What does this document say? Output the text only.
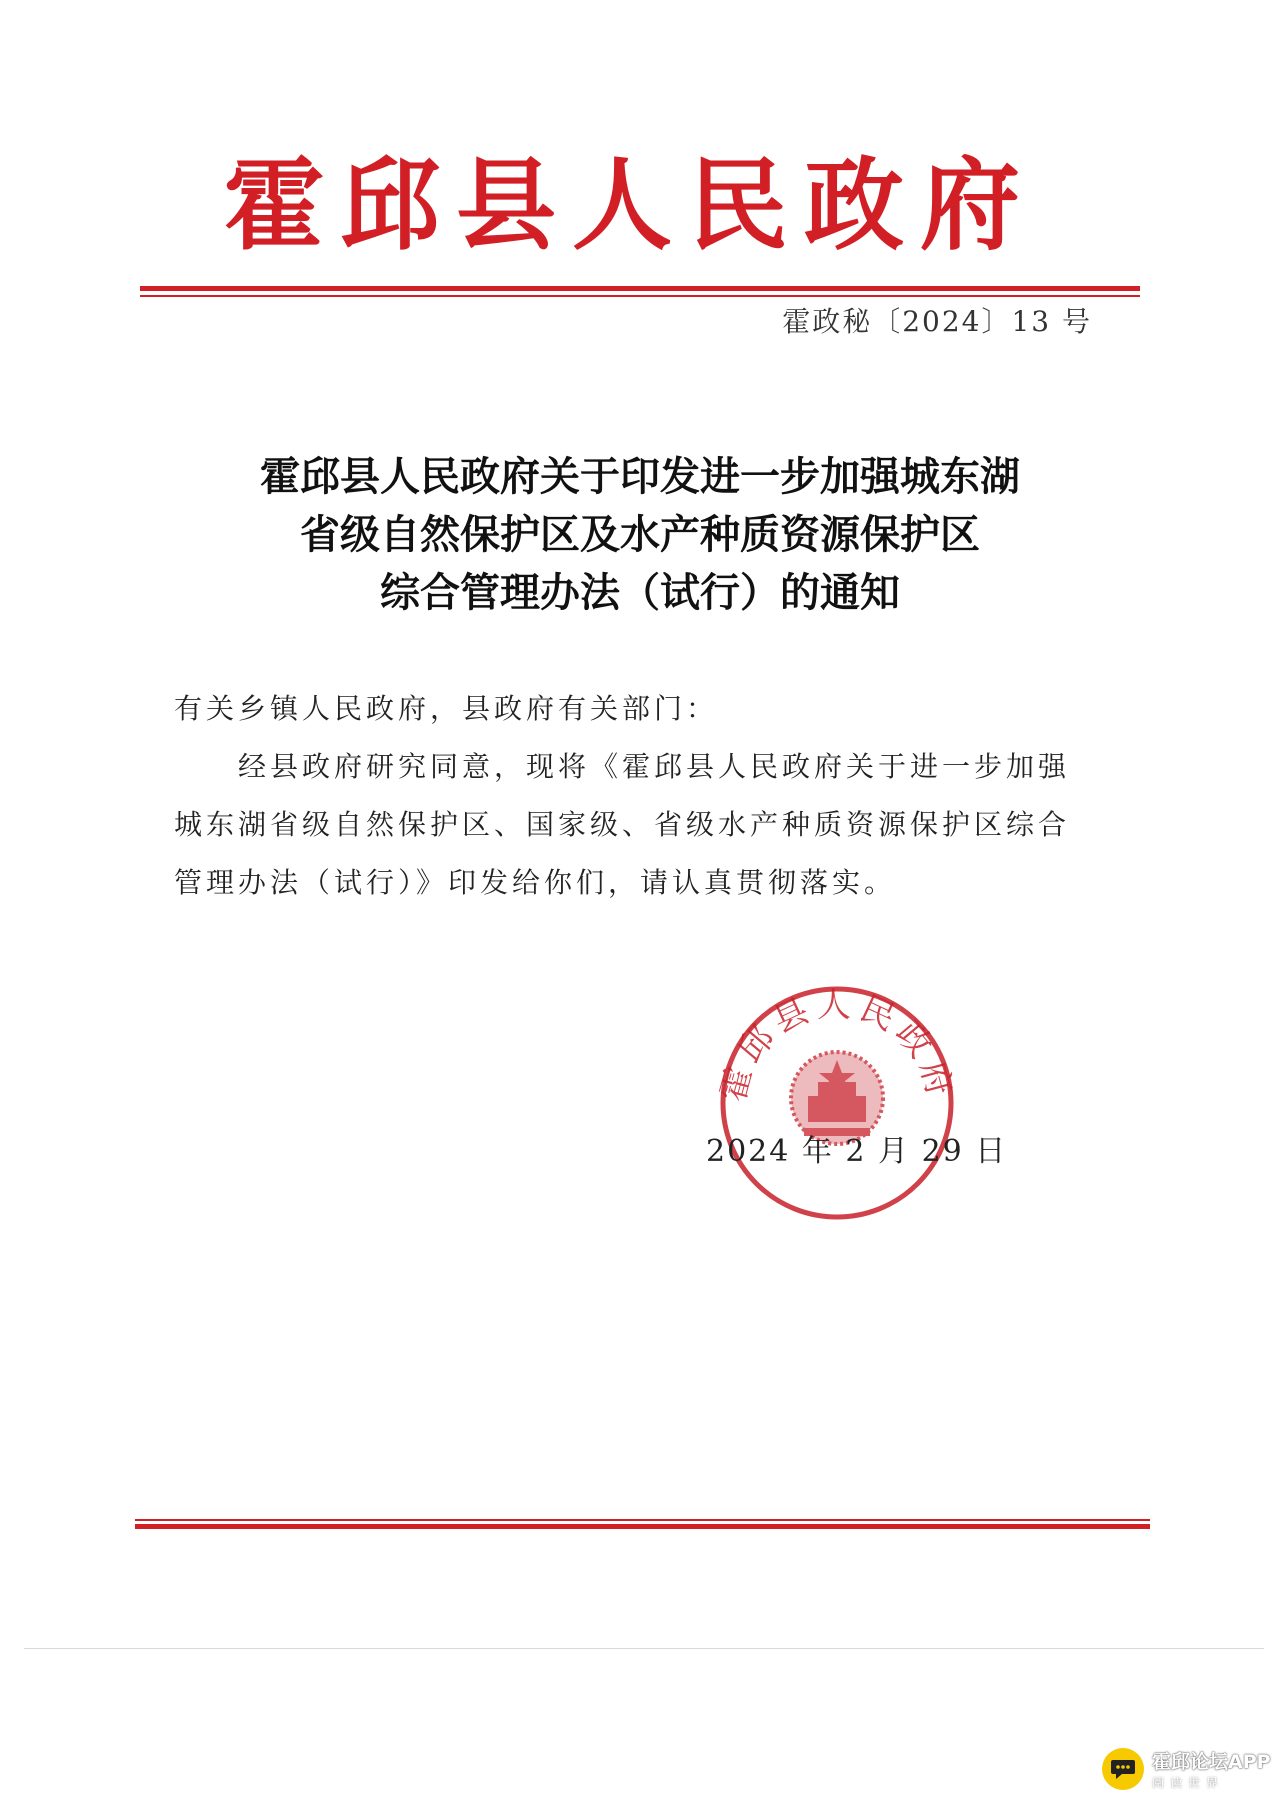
霍邱县人民政府
霍政秘〔2024〕13 号
霍邱县人民政府关于印发进一步加强城东湖
省级自然保护区及水产种质资源保护区
综合管理办法（试行）的通知
有关乡镇人民政府，县政府有关部门：
经县政府研究同意，现将《霍邱县人民政府关于进一步加强城东湖省级自然保护区、国家级、省级水产种质资源保护区综合管理办法（试行）》印发给你们，请认真贯彻落实。
霍邱县人民政府
2024 年 2 月 29 日
霍邱论坛APP
阅读世界
